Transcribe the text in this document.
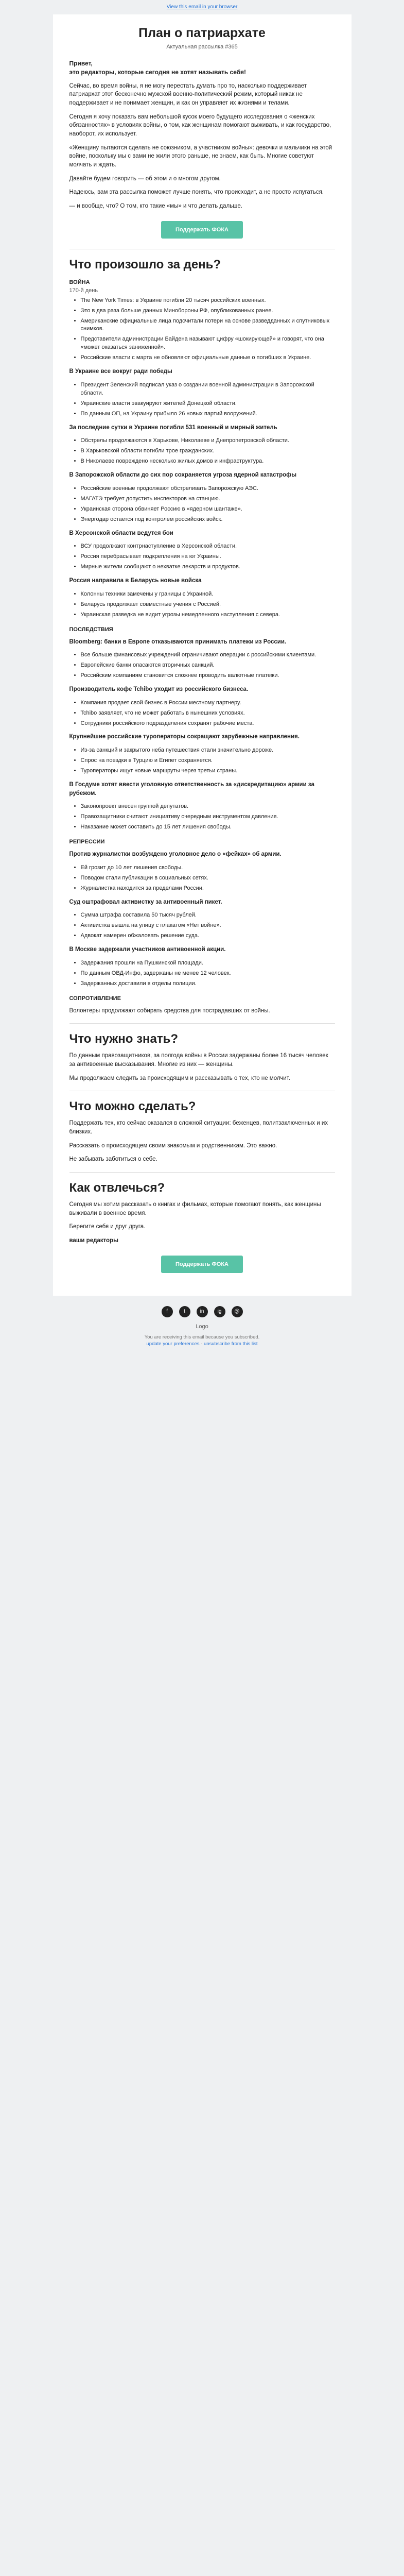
View this email in your browser
План о патриархате
Актуальная рассылка #365
Привет,
это редакторы, которые сегодня не хотят называть себя!

Сейчас, во время войны, я не могу перестать думать про то, насколько поддерживает патриархат этот бесконечно мужской военно-политический режим, который никак не поддерживает и не понимает женщин, и как он управляет их жизнями и телами.

Сегодня я хочу показать вам небольшой кусок моего будущего исследования о «женских обязанностях» в условиях войны, о том, как женщинам помогают выживать, и как государство, наоборот, их использует.

«Женщину пытаются сделать не союзником, а участником войны»: девочки и мальчики на этой войне, поскольку мы с вами не жили этого раньше, не знаем, как быть. Многие советуют молчать и ждать.

Давайте будем говорить — об этом и о многом другом.

Надеюсь, вам эта рассылка поможет лучше понять, что происходит, а не просто испугаться.

— и вообще, что? О том, кто такие «мы» и что делать дальше.

Поддержать ФОКА
Что произошло за день?
ВОЙНА
170-й день
• The New York Times: в Украине погибли 20 тысяч российских военных.
• Это в два раза больше данных Минобороны РФ, опубликованных ранее.
• Американские официальные лица подсчитали потери на основе разведданных и спутниковых снимков.
• Представители администрации Байдена называют цифру «шокирующей» и говорят, что она «может оказаться заниженной».
• Российские власти с марта не обновляют официальные данные о погибших в Украине.

В Украине все вокруг ради победы

• Президент Зеленский подписал указ о создании военной администрации в Запорожской области.
• Украинские власти эвакуируют жителей Донецкой области.
• По данным ОП, на Украину прибыло 26 новых партий вооружений.

За последние сутки в Украине погибли 531 военный и мирный житель

• Обстрелы продолжаются в Харькове, Николаеве и Днепропетровской области.
• В Харьковской области погибли трое гражданских.
• В Николаеве повреждено несколько жилых домов и инфраструктура.

В Запорожской области до сих пор сохраняется угроза ядерной катастрофы

• Российские военные продолжают обстреливать Запорожскую АЭС.
• МАГАТЭ требует допустить инспекторов на станцию.
• Украинская сторона обвиняет Россию в «ядерном шантаже».
• Энергодар остается под контролем российских войск.

В Херсонской области ведутся бои

• ВСУ продолжают контрнаступление в Херсонской области.
• Россия перебрасывает подкрепления на юг Украины.
• Мирные жители сообщают о нехватке лекарств и продуктов.

Россия направила в Беларусь новые войска

• Колонны техники замечены у границы с Украиной.
• Беларусь продолжает совместные учения с Россией.
• Украинская разведка не видит угрозы немедленного наступления с севера.
ПОСЛЕДСТВИЯ

Bloomberg: банки в Европе отказываются принимать платежи из России.

• Все больше финансовых учреждений ограничивают операции с российскими клиентами.
• Европейские банки опасаются вторичных санкций.
• Российским компаниям становится сложнее проводить валютные платежи.

Производитель кофе Tchibo уходит из российского бизнеса.

• Компания продает свой бизнес в России местному партнеру.
• Tchibo заявляет, что не может работать в нынешних условиях.
• Сотрудники российского подразделения сохранят рабочие места.

Крупнейшие российские туроператоры сокращают зарубежные направления.

• Из-за санкций и закрытого неба путешествия стали значительно дороже.
• Спрос на поездки в Турцию и Египет сохраняется.
• Туроператоры ищут новые маршруты через третьи страны.

В Госдуме хотят ввести уголовную ответственность за «дискредитацию» армии за рубежом.

• Законопроект внесен группой депутатов.
• Правозащитники считают инициативу очередным инструментом давления.
• Наказание может составить до 15 лет лишения свободы.
РЕПРЕССИИ

Против журналистки возбуждено уголовное дело о «фейках» об армии.

• Ей грозит до 10 лет лишения свободы.
• Поводом стали публикации в социальных сетях.
• Журналистка находится за пределами России.

Суд оштрафовал активистку за антивоенный пикет.

• Сумма штрафа составила 50 тысяч рублей.
• Активистка вышла на улицу с плакатом «Нет войне».
• Адвокат намерен обжаловать решение суда.

В Москве задержали участников антивоенной акции.

• Задержания прошли на Пушкинской площади.
• По данным ОВД-Инфо, задержаны не менее 12 человек.
• Задержанных доставили в отделы полиции.
СОПРОТИВЛЕНИЕ

Волонтеры продолжают собирать средства для пострадавших от войны.

Что нужно знать?

По данным правозащитников, за полгода войны в России задержаны более 16 тысяч человек за антивоенные высказывания. Многие из них — женщины.

Мы продолжаем следить за происходящим и рассказывать о тех, кто не молчит.

Что можно сделать?

Поддержать тех, кто сейчас оказался в сложной ситуации: беженцев, политзаключенных и их близких.

Рассказать о происходящем своим знакомым и родственникам. Это важно.

Не забывать заботиться о себе.

Как отвлечься?

Сегодня мы хотим рассказать о книгах и фильмах, которые помогают понять, как женщины выживали в военное время.

Берегите себя и друг друга.

ваши редакторы

Поддержать ФОКА
f	t	in	ig	@
Logo
You are receiving this email because you subscribed.
update your preferences · unsubscribe from this list
